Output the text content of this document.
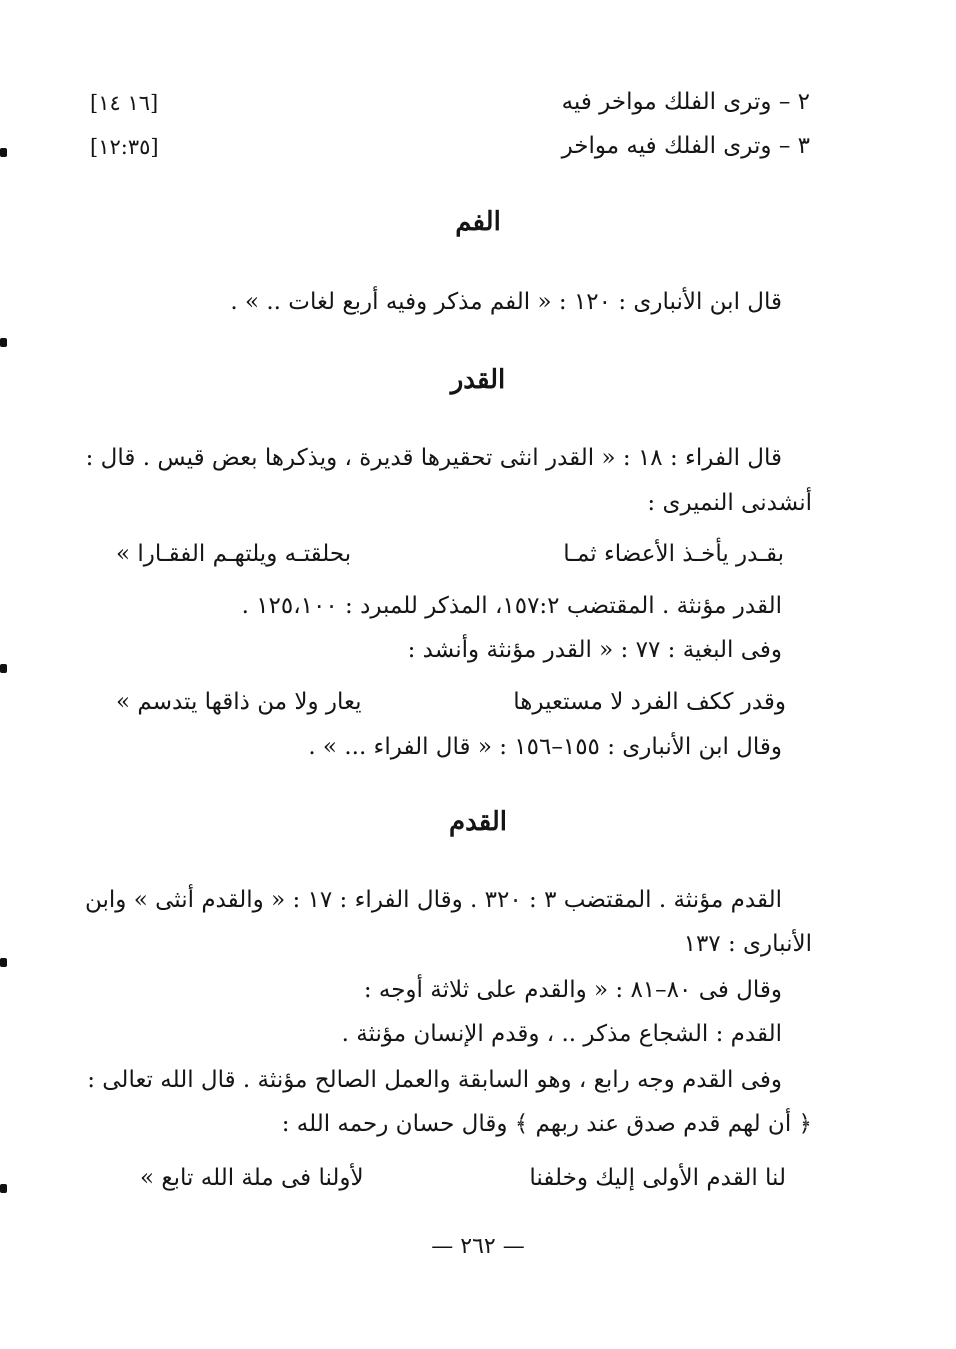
٢ – وترى الفلك مواخر فيه
[١٦ ١٤]
٣ – وترى الفلك فيه مواخر
[١٢:٣٥]
الفم
قال ابن الأنبارى : ١٢٠ : « الفم مذكر وفيه أربع لغات .. » .
القدر
قال الفراء : ١٨ : « القدر انثى تحقيرها قديرة ، ويذكرها بعض قيس . قال :
أنشدنى النميرى :
بقـدر يأخـذ الأعضاء ثمـا
بحلقتـه ويلتهـم الفقـارا »
القدر مؤنثة . المقتضب ١٥٧:٢، المذكر للمبرد : ١٢٥،١٠٠ .
وفى البغية : ٧٧ : « القدر مؤنثة وأنشد :
وقدر ككف الفرد لا مستعيرها
يعار ولا من ذاقها يتدسم »
وقال ابن الأنبارى : ١٥٥–١٥٦ : « قال الفراء ... » .
القدم
القدم مؤنثة . المقتضب ٣ : ٣٢٠ . وقال الفراء : ١٧ : « والقدم أنثى » وابن
الأنبارى : ١٣٧
وقال فى ٨٠–٨١ : « والقدم على ثلاثة أوجه :
القدم : الشجاع مذكر .. ، وقدم الإنسان مؤنثة .
وفى القدم وجه رابع ، وهو السابقة والعمل الصالح مؤنثة . قال الله تعالى :
﴿ أن لهم قدم صدق عند ربهم ﴾ وقال حسان رحمه الله :
لنا القدم الأولى إليك وخلفنا
لأولنا فى ملة الله تابع »
— ٢٦٢ —
